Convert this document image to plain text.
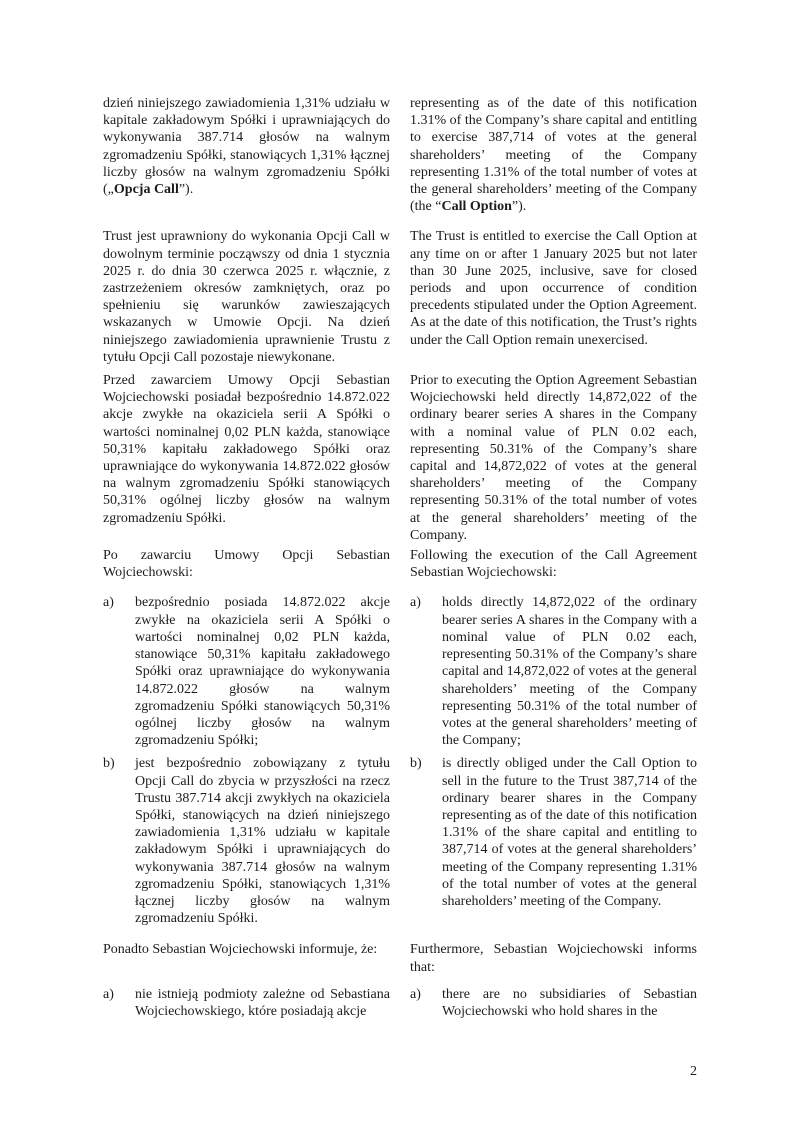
dzień niniejszego zawiadomienia 1,31% udziału w kapitale zakładowym Spółki i uprawniających do wykonywania 387.714 głosów na walnym zgromadzeniu Spółki, stanowiących 1,31% łącznej liczby głosów na walnym zgromadzeniu Spółki („Opcja Call”).
representing as of the date of this notification 1.31% of the Company’s share capital and entitling to exercise 387,714 of votes at the general shareholders’ meeting of the Company representing 1.31% of the total number of votes at the general shareholders’ meeting of the Company (the “Call Option”).
Trust jest uprawniony do wykonania Opcji Call w dowolnym terminie począwszy od dnia 1 stycznia 2025 r. do dnia 30 czerwca 2025 r. włącznie, z zastrzeżeniem okresów zamkniętych, oraz po spełnieniu się warunków zawieszających wskazanych w Umowie Opcji. Na dzień niniejszego zawiadomienia uprawnienie Trustu z tytułu Opcji Call pozostaje niewykonane.
The Trust is entitled to exercise the Call Option at any time on or after 1 January 2025 but not later than 30 June 2025, inclusive, save for closed periods and upon occurrence of condition precedents stipulated under the Option Agreement. As at the date of this notification, the Trust’s rights under the Call Option remain unexercised.
Przed zawarciem Umowy Opcji Sebastian Wojciechowski posiadał bezpośrednio 14.872.022 akcje zwykłe na okaziciela serii A Spółki o wartości nominalnej 0,02 PLN każda, stanowiące 50,31% kapitału zakładowego Spółki oraz uprawniające do wykonywania 14.872.022 głosów na walnym zgromadzeniu Spółki stanowiących 50,31% ogólnej liczby głosów na walnym zgromadzeniu Spółki.
Prior to executing the Option Agreement Sebastian Wojciechowski held directly 14,872,022 of the ordinary bearer series A shares in the Company with a nominal value of PLN 0.02 each, representing 50.31% of the Company’s share capital and 14,872,022 of votes at the general shareholders’ meeting of the Company representing 50.31% of the total number of votes at the general shareholders’ meeting of the Company.
Po zawarciu Umowy Opcji Sebastian Wojciechowski:
Following the execution of the Call Agreement Sebastian Wojciechowski:
a) bezpośrednio posiada 14.872.022 akcje zwykłe na okaziciela serii A Spółki o wartości nominalnej 0,02 PLN każda, stanowiące 50,31% kapitału zakładowego Spółki oraz uprawniające do wykonywania 14.872.022 głosów na walnym zgromadzeniu Spółki stanowiących 50,31% ogólnej liczby głosów na walnym zgromadzeniu Spółki;
a) holds directly 14,872,022 of the ordinary bearer series A shares in the Company with a nominal value of PLN 0.02 each, representing 50.31% of the Company’s share capital and 14,872,022 of votes at the general shareholders’ meeting of the Company representing 50.31% of the total number of votes at the general shareholders’ meeting of the Company;
b) jest bezpośrednio zobowiązany z tytułu Opcji Call do zbycia w przyszłości na rzecz Trustu 387.714 akcji zwykłych na okaziciela Spółki, stanowiących na dzień niniejszego zawiadomienia 1,31% udziału w kapitale zakładowym Spółki i uprawniających do wykonywania 387.714 głosów na walnym zgromadzeniu Spółki, stanowiących 1,31% łącznej liczby głosów na walnym zgromadzeniu Spółki.
b) is directly obliged under the Call Option to sell in the future to the Trust 387,714 of the ordinary bearer shares in the Company representing as of the date of this notification 1.31% of the share capital and entitling to 387,714 of votes at the general shareholders’ meeting of the Company representing 1.31% of the total number of votes at the general shareholders’ meeting of the Company.
Ponadto Sebastian Wojciechowski informuje, że:	Furthermore, Sebastian Wojciechowski informs that:
a) nie istnieją podmioty zależne od Sebastiana Wojciechowskiego, które posiadają akcje
a) there are no subsidiaries of Sebastian Wojciechowski who hold shares in the
2
